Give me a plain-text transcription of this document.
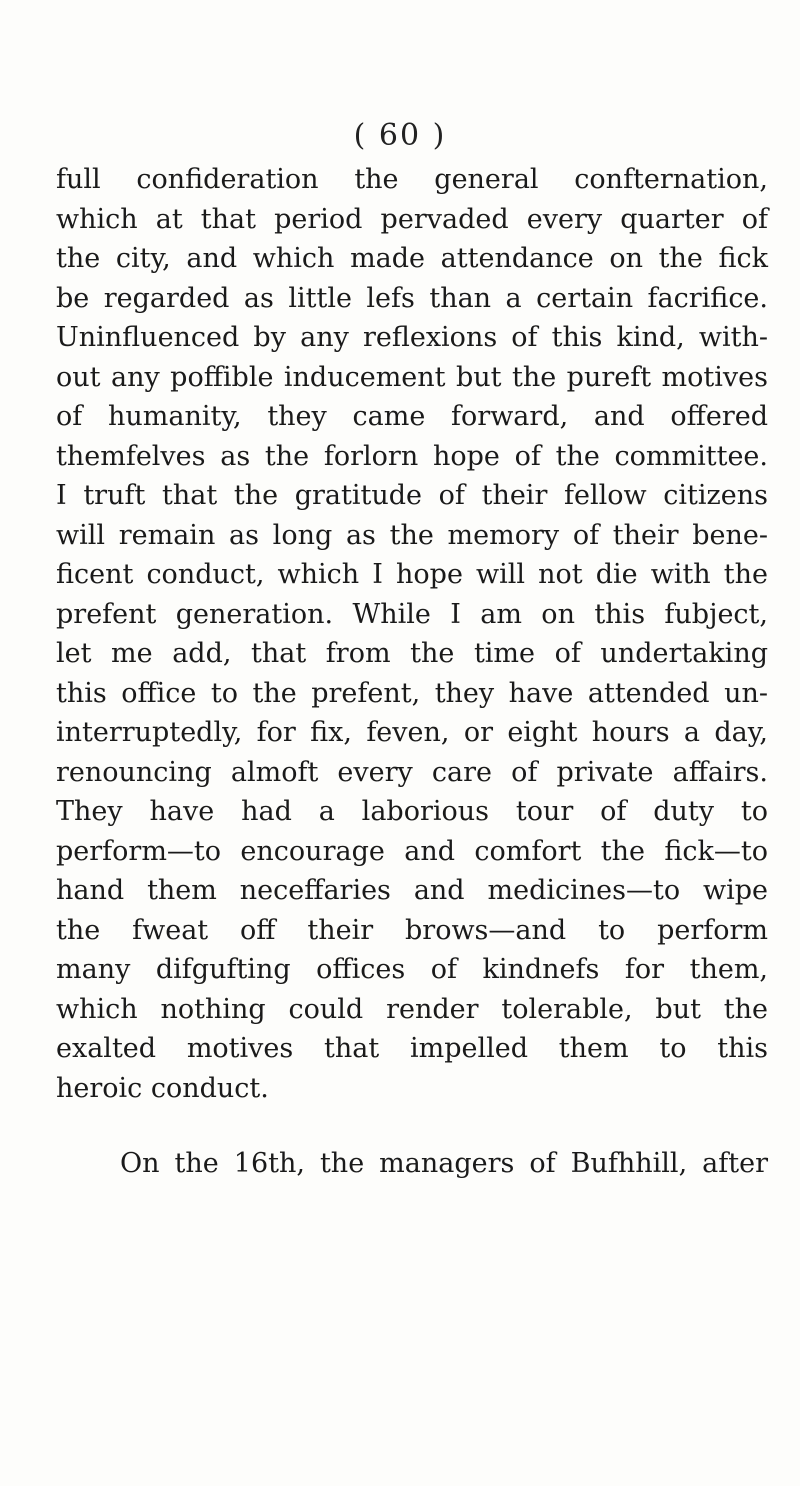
( 60 )
full confideration the general confternation,
which at that period pervaded every quarter of
the city, and which made attendance on the fick
be regarded as little lefs than a certain facrifice.
Uninfluenced by any reflexions of this kind, with-
out any poffible inducement but the pureft motives
of humanity, they came forward, and offered
themfelves as the forlorn hope of the committee.
I truft that the gratitude of their fellow citizens
will remain as long as the memory of their bene-
ficent conduct, which I hope will not die with the
prefent generation. While I am on this fubject,
let me add, that from the time of undertaking
this office to the prefent, they have attended un-
interruptedly, for fix, feven, or eight hours a day,
renouncing almoft every care of private affairs.
They have had a laborious tour of duty to
perform—to encourage and comfort the fick—to
hand them neceffaries and medicines—to wipe
the fweat off their brows—and to perform
many difgufting offices of kindnefs for them,
which nothing could render tolerable, but the
exalted motives that impelled them to this
heroic conduct.
On the 16th, the managers of Bufhhill, after
